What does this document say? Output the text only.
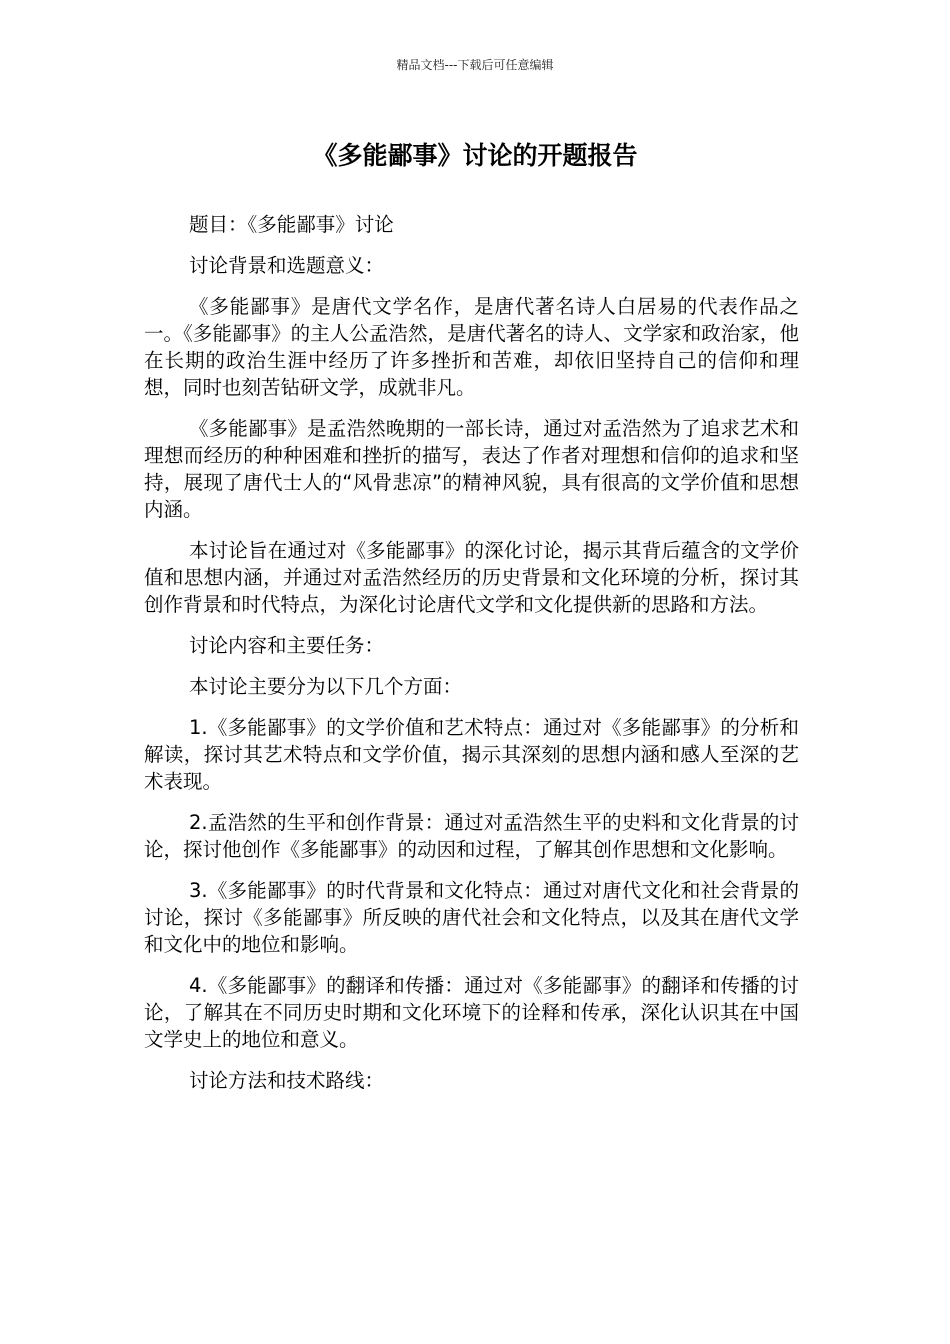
精品文档---下载后可任意编辑
《多能鄙事》讨论的开题报告

题目：《多能鄙事》讨论

讨论背景和选题意义：

《多能鄙事》是唐代文学名作，是唐代著名诗人白居易的代表作品之一。《多能鄙事》的主人公孟浩然，是唐代著名的诗人、文学家和政治家，他在长期的政治生涯中经历了许多挫折和苦难，却依旧坚持自己的信仰和理想，同时也刻苦钻研文学，成就非凡。

《多能鄙事》是孟浩然晚期的一部长诗，通过对孟浩然为了追求艺术和理想而经历的种种困难和挫折的描写，表达了作者对理想和信仰的追求和坚持，展现了唐代士人的“风骨悲凉”的精神风貌，具有很高的文学价值和思想内涵。

本讨论旨在通过对《多能鄙事》的深化讨论，揭示其背后蕴含的文学价值和思想内涵，并通过对孟浩然经历的历史背景和文化环境的分析，探讨其创作背景和时代特点，为深化讨论唐代文学和文化提供新的思路和方法。

讨论内容和主要任务：

本讨论主要分为以下几个方面：

1.《多能鄙事》的文学价值和艺术特点：通过对《多能鄙事》的分析和解读，探讨其艺术特点和文学价值，揭示其深刻的思想内涵和感人至深的艺术表现。

2.孟浩然的生平和创作背景：通过对孟浩然生平的史料和文化背景的讨论，探讨他创作《多能鄙事》的动因和过程，了解其创作思想和文化影响。

3.《多能鄙事》的时代背景和文化特点：通过对唐代文化和社会背景的讨论，探讨《多能鄙事》所反映的唐代社会和文化特点，以及其在唐代文学和文化中的地位和影响。

4.《多能鄙事》的翻译和传播：通过对《多能鄙事》的翻译和传播的讨论，了解其在不同历史时期和文化环境下的诠释和传承，深化认识其在中国文学史上的地位和意义。

讨论方法和技术路线：
